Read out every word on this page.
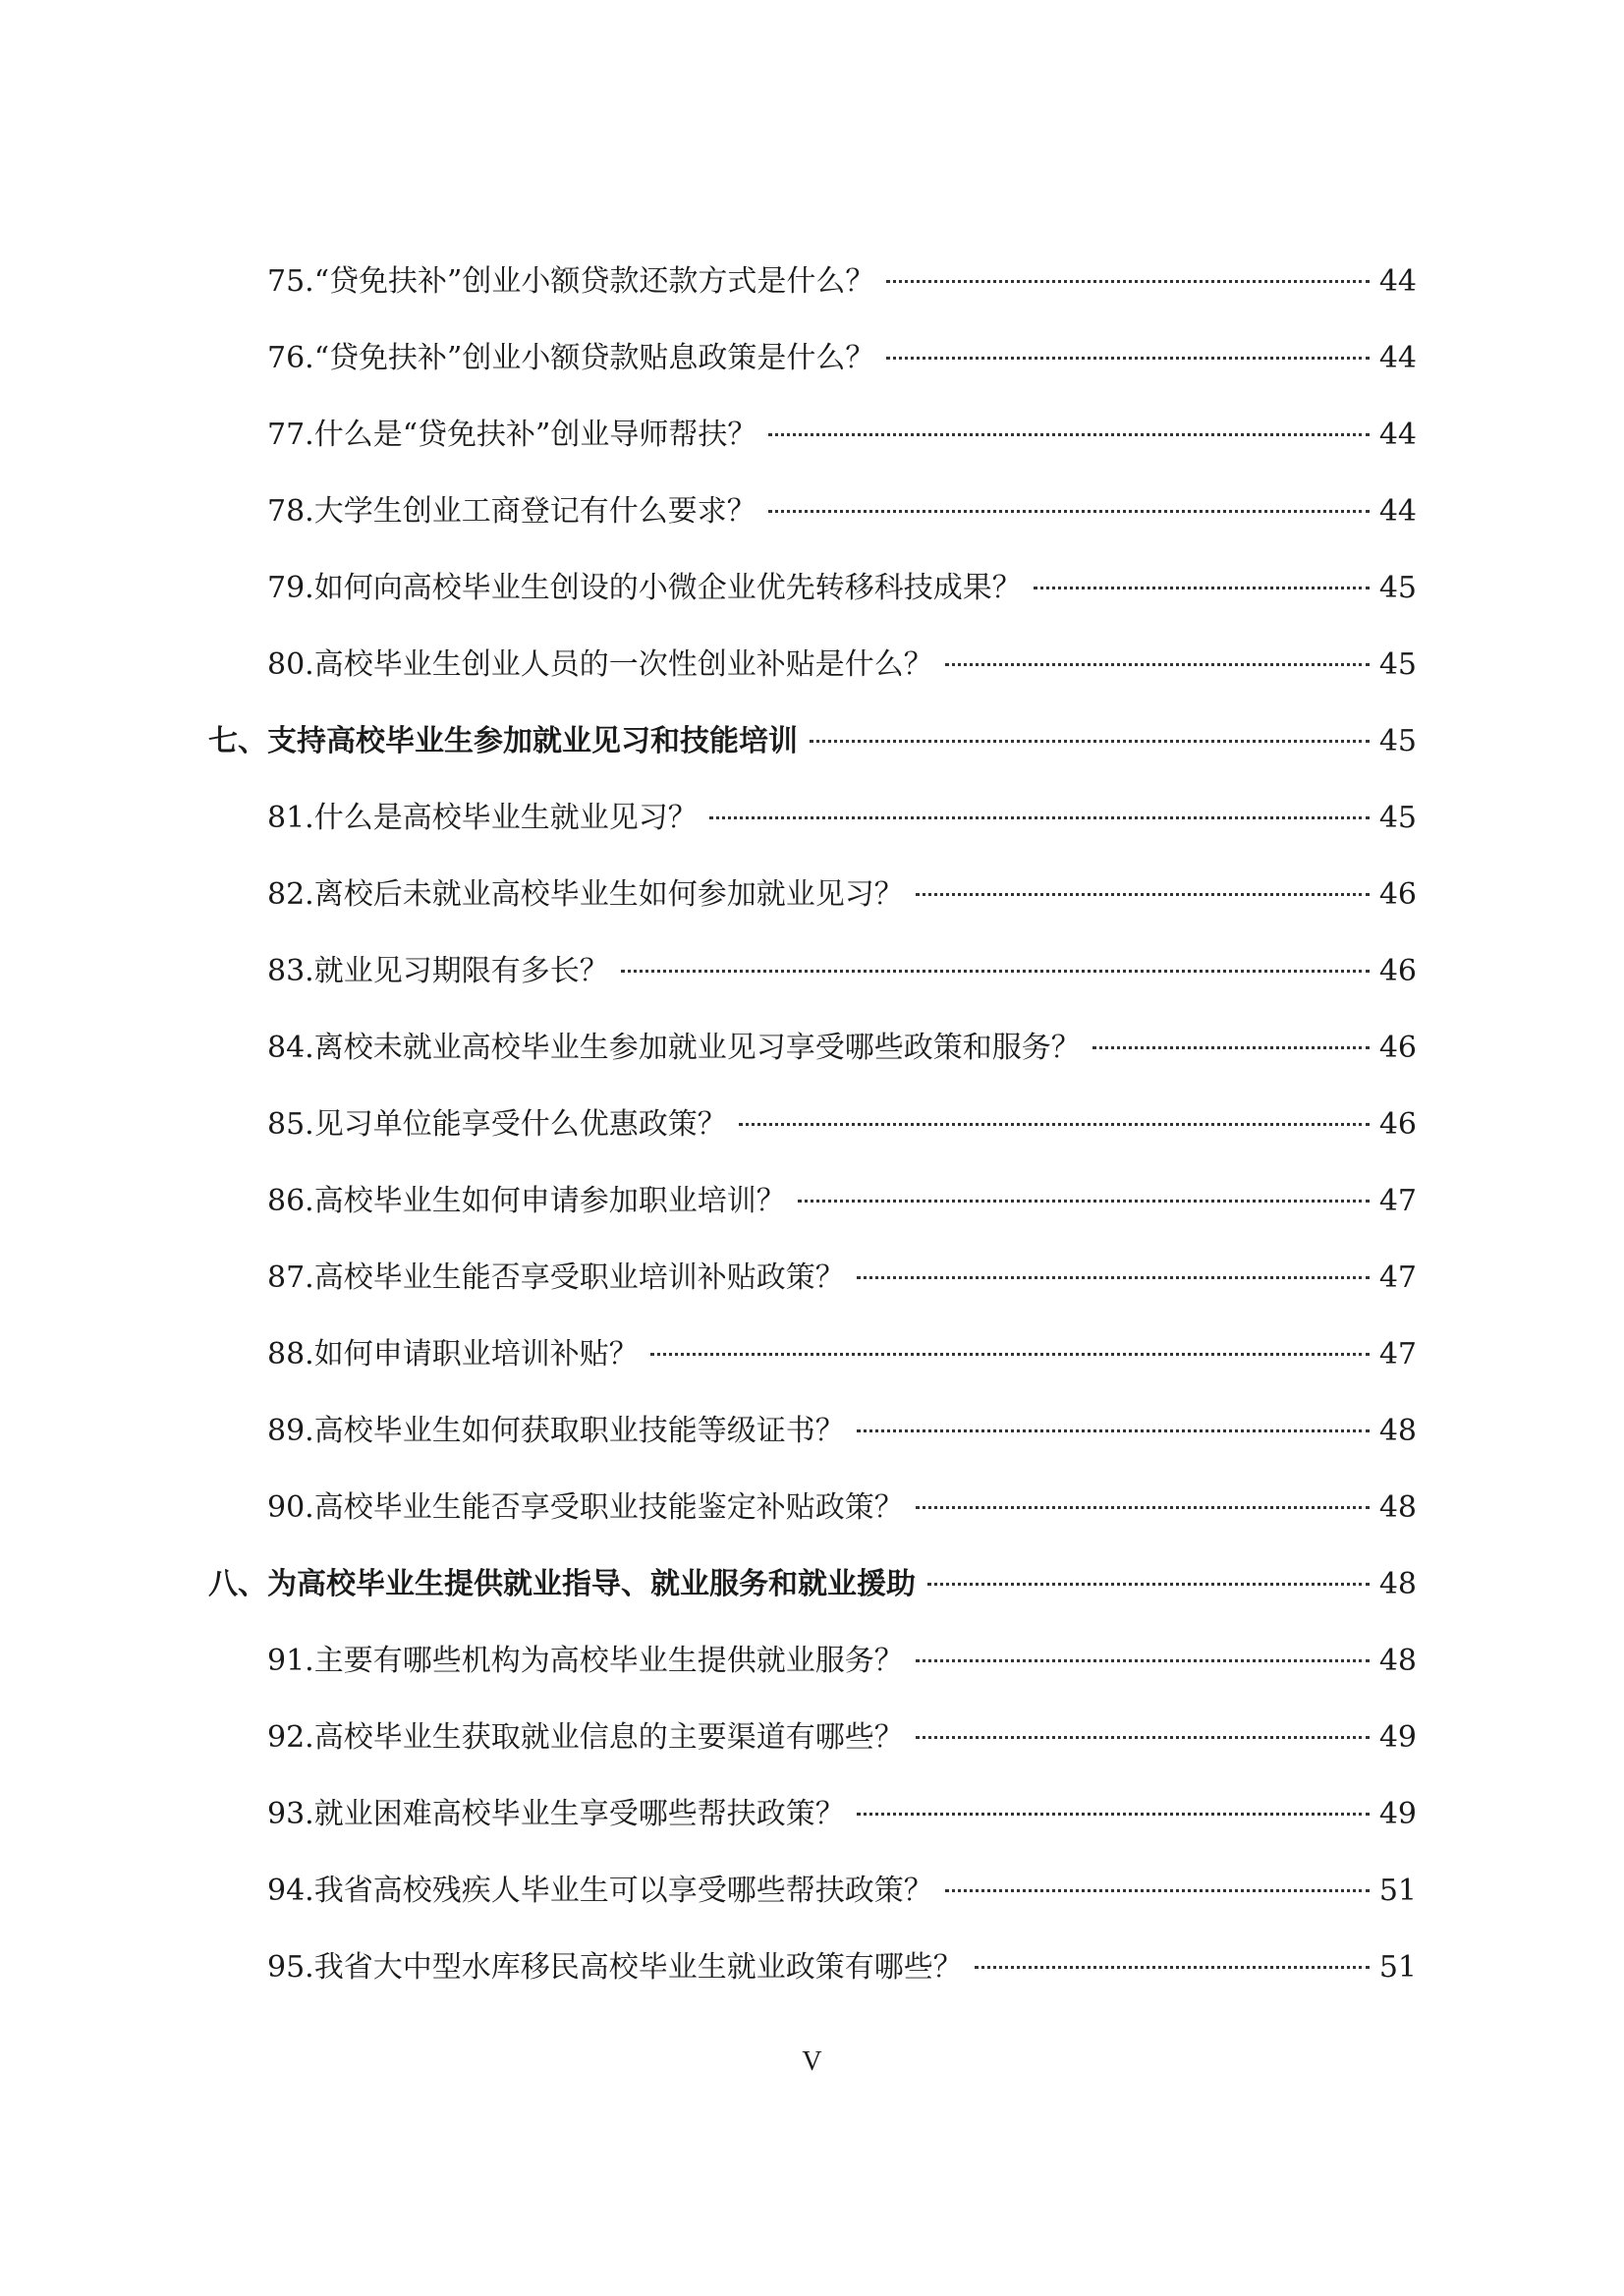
75.“贷免扶补”创业小额贷款还款方式是什么？	44
76.“贷免扶补”创业小额贷款贴息政策是什么？	44
77.什么是“贷免扶补”创业导师帮扶？	44
78.大学生创业工商登记有什么要求？	44
79.如何向高校毕业生创设的小微企业优先转移科技成果？	45
80.高校毕业生创业人员的一次性创业补贴是什么？	45
七、支持高校毕业生参加就业见习和技能培训	45
81.什么是高校毕业生就业见习？	45
82.离校后未就业高校毕业生如何参加就业见习？	46
83.就业见习期限有多长？	46
84.离校未就业高校毕业生参加就业见习享受哪些政策和服务？	46
85.见习单位能享受什么优惠政策？	46
86.高校毕业生如何申请参加职业培训？	47
87.高校毕业生能否享受职业培训补贴政策？	47
88.如何申请职业培训补贴？	47
89.高校毕业生如何获取职业技能等级证书？	48
90.高校毕业生能否享受职业技能鉴定补贴政策？	48
八、为高校毕业生提供就业指导、就业服务和就业援助	48
91.主要有哪些机构为高校毕业生提供就业服务？	48
92.高校毕业生获取就业信息的主要渠道有哪些？	49
93.就业困难高校毕业生享受哪些帮扶政策？	49
94.我省高校残疾人毕业生可以享受哪些帮扶政策？	51
95.我省大中型水库移民高校毕业生就业政策有哪些？	51
V
